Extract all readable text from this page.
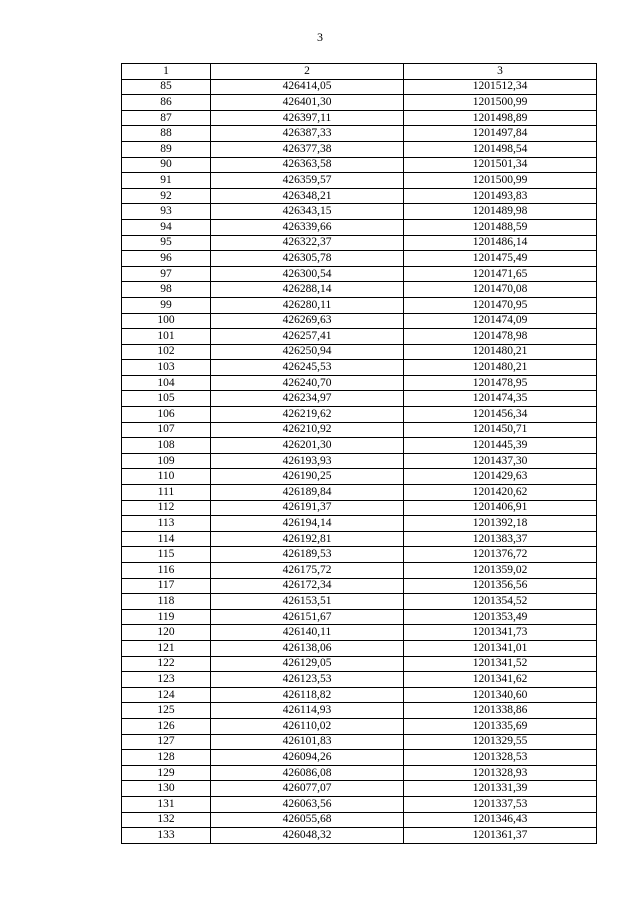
3
1	2	3
85	426414,05	1201512,34
86	426401,30	1201500,99
87	426397,11	1201498,89
88	426387,33	1201497,84
89	426377,38	1201498,54
90	426363,58	1201501,34
91	426359,57	1201500,99
92	426348,21	1201493,83
93	426343,15	1201489,98
94	426339,66	1201488,59
95	426322,37	1201486,14
96	426305,78	1201475,49
97	426300,54	1201471,65
98	426288,14	1201470,08
99	426280,11	1201470,95
100	426269,63	1201474,09
101	426257,41	1201478,98
102	426250,94	1201480,21
103	426245,53	1201480,21
104	426240,70	1201478,95
105	426234,97	1201474,35
106	426219,62	1201456,34
107	426210,92	1201450,71
108	426201,30	1201445,39
109	426193,93	1201437,30
110	426190,25	1201429,63
111	426189,84	1201420,62
112	426191,37	1201406,91
113	426194,14	1201392,18
114	426192,81	1201383,37
115	426189,53	1201376,72
116	426175,72	1201359,02
117	426172,34	1201356,56
118	426153,51	1201354,52
119	426151,67	1201353,49
120	426140,11	1201341,73
121	426138,06	1201341,01
122	426129,05	1201341,52
123	426123,53	1201341,62
124	426118,82	1201340,60
125	426114,93	1201338,86
126	426110,02	1201335,69
127	426101,83	1201329,55
128	426094,26	1201328,53
129	426086,08	1201328,93
130	426077,07	1201331,39
131	426063,56	1201337,53
132	426055,68	1201346,43
133	426048,32	1201361,37
